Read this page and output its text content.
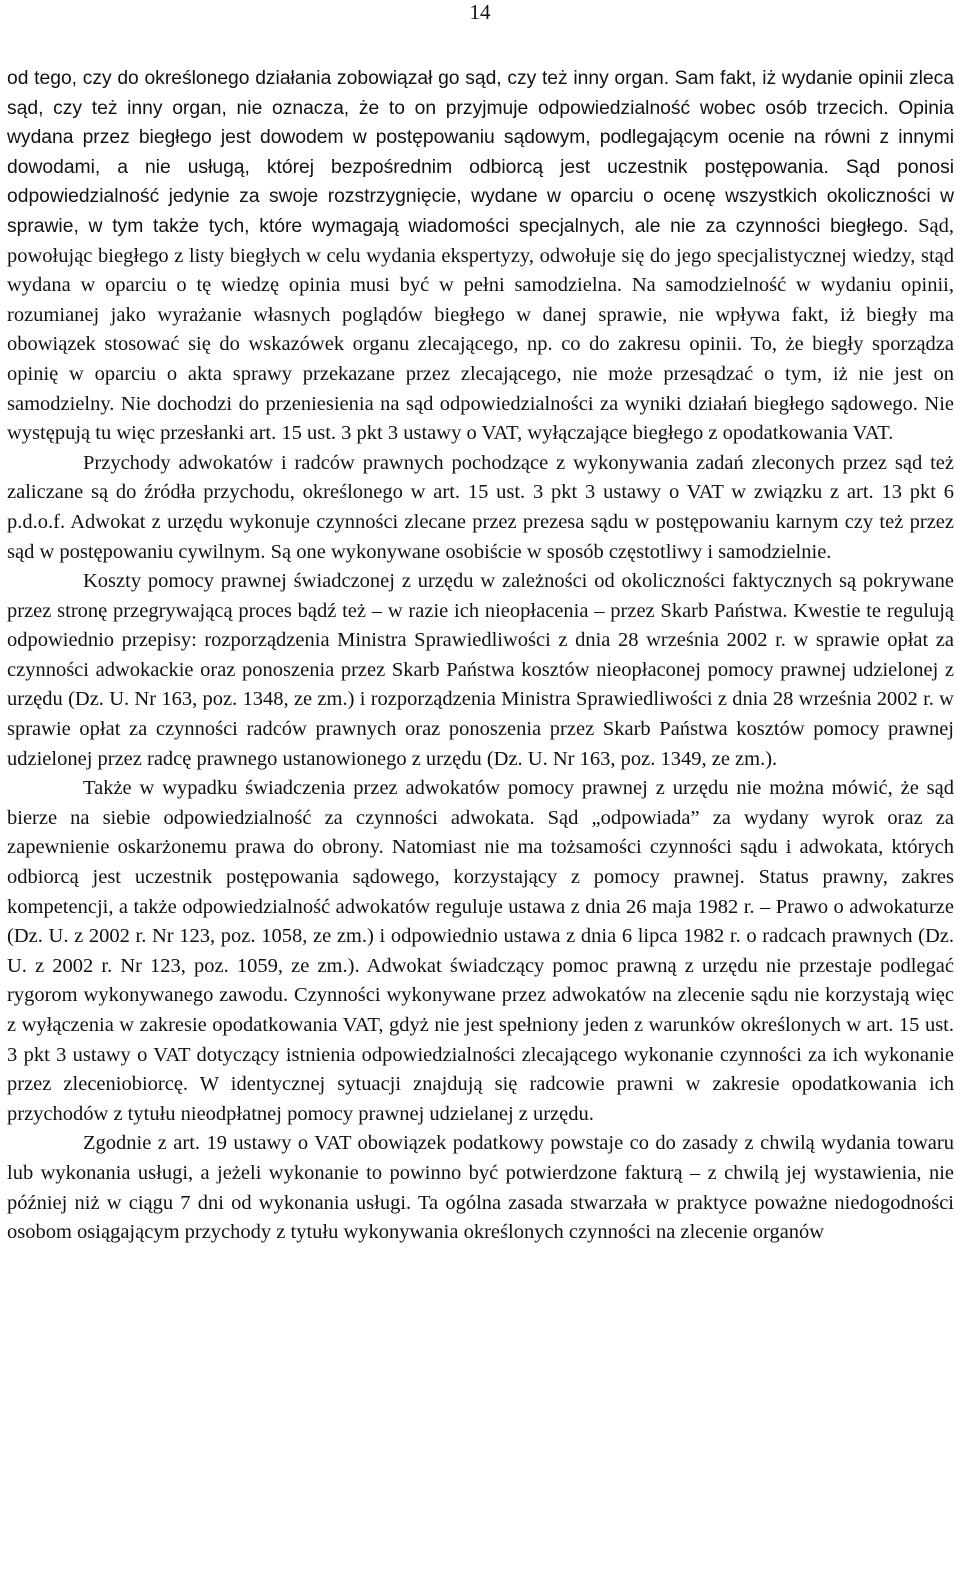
14

od tego, czy do określonego działania zobowiązał go sąd, czy też inny organ. Sam fakt, iż wydanie opinii zleca sąd, czy też inny organ, nie oznacza, że to on przyjmuje odpowiedzialność wobec osób trzecich. Opinia wydana przez biegłego jest dowodem w postępowaniu sądowym, podlegającym ocenie na równi z innymi dowodami, a nie usługą, której bezpośrednim odbiorcą jest uczestnik postępowania. Sąd ponosi odpowiedzialność jedynie za swoje rozstrzygnięcie, wydane w oparciu o ocenę wszystkich okoliczności w sprawie, w tym także tych, które wymagają wiadomości specjalnych, ale nie za czynności biegłego. Sąd, powołując biegłego z listy biegłych w celu wydania ekspertyzy, odwołuje się do jego specjalistycznej wiedzy, stąd wydana w oparciu o tę wiedzę opinia musi być w pełni samodzielna. Na samodzielność w wydaniu opinii, rozumianej jako wyrażanie własnych poglądów biegłego w danej sprawie, nie wpływa fakt, iż biegły ma obowiązek stosować się do wskazówek organu zlecającego, np. co do zakresu opinii. To, że biegły sporządza opinię w oparciu o akta sprawy przekazane przez zlecającego, nie może przesądzać o tym, iż nie jest on samodzielny. Nie dochodzi do przeniesienia na sąd odpowiedzialności za wyniki działań biegłego sądowego. Nie występują tu więc przesłanki art. 15 ust. 3 pkt 3 ustawy o VAT, wyłączające biegłego z opodatkowania VAT.

Przychody adwokatów i radców prawnych pochodzące z wykonywania zadań zleconych przez sąd też zaliczane są do źródła przychodu, określonego w art. 15 ust. 3 pkt 3 ustawy o VAT w związku z art. 13 pkt 6 p.d.o.f. Adwokat z urzędu wykonuje czynności zlecane przez prezesa sądu w postępowaniu karnym czy też przez sąd w postępowaniu cywilnym. Są one wykonywane osobiście w sposób częstotliwy i samodzielnie.

Koszty pomocy prawnej świadczonej z urzędu w zależności od okoliczności faktycznych są pokrywane przez stronę przegrywającą proces bądź też – w razie ich nieopłacenia – przez Skarb Państwa. Kwestie te regulują odpowiednio przepisy: rozporządzenia Ministra Sprawiedliwości z dnia 28 września 2002 r. w sprawie opłat za czynności adwokackie oraz ponoszenia przez Skarb Państwa kosztów nieopłaconej pomocy prawnej udzielonej z urzędu (Dz. U. Nr 163, poz. 1348, ze zm.) i rozporządzenia Ministra Sprawiedliwości z dnia 28 września 2002 r. w sprawie opłat za czynności radców prawnych oraz ponoszenia przez Skarb Państwa kosztów pomocy prawnej udzielonej przez radcę prawnego ustanowionego z urzędu (Dz. U. Nr 163, poz. 1349, ze zm.).

Także w wypadku świadczenia przez adwokatów pomocy prawnej z urzędu nie można mówić, że sąd bierze na siebie odpowiedzialność za czynności adwokata. Sąd „odpowiada” za wydany wyrok oraz za zapewnienie oskarżonemu prawa do obrony. Natomiast nie ma tożsamości czynności sądu i adwokata, których odbiorcą jest uczestnik postępowania sądowego, korzystający z pomocy prawnej. Status prawny, zakres kompetencji, a także odpowiedzialność adwokatów reguluje ustawa z dnia 26 maja 1982 r. – Prawo o adwokaturze (Dz. U. z 2002 r. Nr 123, poz. 1058, ze zm.) i odpowiednio ustawa z dnia 6 lipca 1982 r. o radcach prawnych (Dz. U. z 2002 r. Nr 123, poz. 1059, ze zm.). Adwokat świadczący pomoc prawną z urzędu nie przestaje podlegać rygorom wykonywanego zawodu. Czynności wykonywane przez adwokatów na zlecenie sądu nie korzystają więc z wyłączenia w zakresie opodatkowania VAT, gdyż nie jest spełniony jeden z warunków określonych w art. 15 ust. 3 pkt 3 ustawy o VAT dotyczący istnienia odpowiedzialności zlecającego wykonanie czynności za ich wykonanie przez zleceniobiorcę. W identycznej sytuacji znajdują się radcowie prawni w zakresie opodatkowania ich przychodów z tytułu nieodpłatnej pomocy prawnej udzielanej z urzędu.

Zgodnie z art. 19 ustawy o VAT obowiązek podatkowy powstaje co do zasady z chwilą wydania towaru lub wykonania usługi, a jeżeli wykonanie to powinno być potwierdzone fakturą – z chwilą jej wystawienia, nie później niż w ciągu 7 dni od wykonania usługi. Ta ogólna zasada stwarzała w praktyce poważne niedogodności osobom osiągającym przychody z tytułu wykonywania określonych czynności na zlecenie organów
